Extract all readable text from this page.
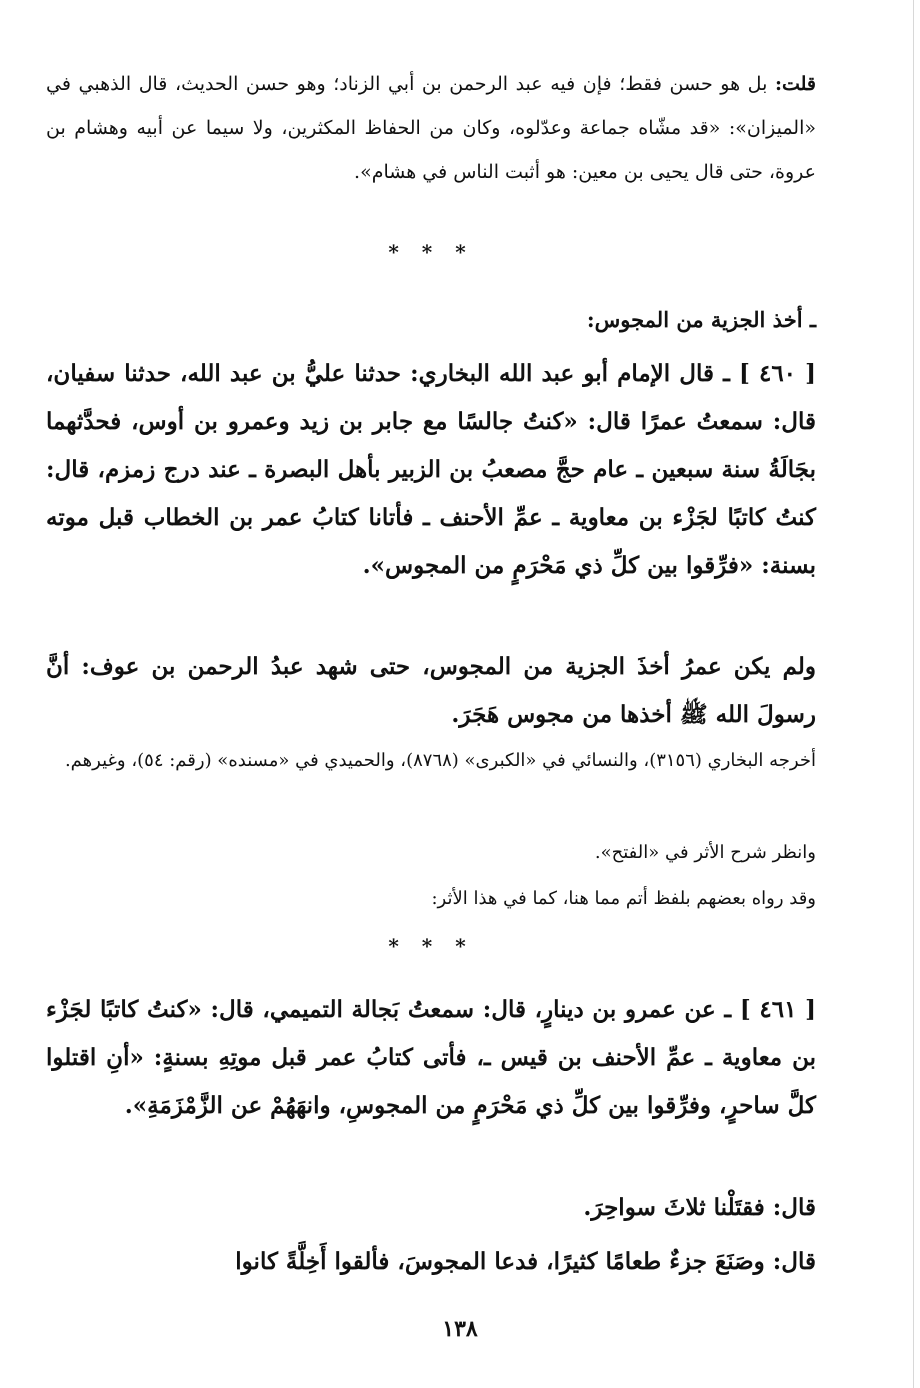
قلت: بل هو حسن فقط؛ فإن فيه عبد الرحمن بن أبي الزناد؛ وهو حسن الحديث، قال الذهبي في «الميزان»: «قد مشّاه جماعة وعدّلوه، وكان من الحفاظ المكثرين، ولا سيما عن أبيه وهشام بن عروة، حتى قال يحيى بن معين: هو أثبت الناس في هشام».

* * *

ـ أخذ الجزية من المجوس:

[ ٤٦٠ ] ـ قال الإمام أبو عبد الله البخاري: حدثنا عليُّ بن عبد الله، حدثنا سفيان، قال: سمعتُ عمرًا قال: «كنتُ جالسًا مع جابر بن زيد وعمرو بن أوس، فحدَّثهما بجَالَةُ سنة سبعين ـ عام حجَّ مصعبُ بن الزبير بأهل البصرة ـ عند درج زمزم، قال: كنتُ كاتبًا لجَزْء بن معاوية ـ عمِّ الأحنف ـ فأتانا كتابُ عمر بن الخطاب قبل موته بسنة: «فرِّقوا بين كلِّ ذي مَحْرَمٍ من المجوس».

ولم يكن عمرُ أخذَ الجزية من المجوس، حتى شهد عبدُ الرحمن بن عوف: أنَّ رسولَ الله ﷺ أخذها من مجوس هَجَرَ.

أخرجه البخاري (٣١٥٦)، والنسائي في «الكبرى» (٨٧٦٨)، والحميدي في «مسنده» (رقم: ٥٤)، وغيرهم.

وانظر شرح الأثر في «الفتح».

وقد رواه بعضهم بلفظ أتم مما هنا، كما في هذا الأثر:

* * *

[ ٤٦١ ] ـ عن عمرو بن دينارٍ، قال: سمعتُ بَجالة التميمي، قال: «كنتُ كاتبًا لجَزْء بن معاوية ـ عمِّ الأحنف بن قيس ـ، فأتى كتابُ عمر قبل موتِهِ بسنةٍ: «أنِ اقتلوا كلَّ ساحرٍ، وفرِّقوا بين كلِّ ذي مَحْرَمٍ من المجوسِ، وانهَهُمْ عن الزَّمْزَمَةِ».

قال: فقتَلْنا ثلاثَ سواحِرَ.

قال: وصَنَعَ جزءٌ طعامًا كثيرًا، فدعا المجوسَ، فألقوا أَخِلَّةً كانوا

١٣٨
